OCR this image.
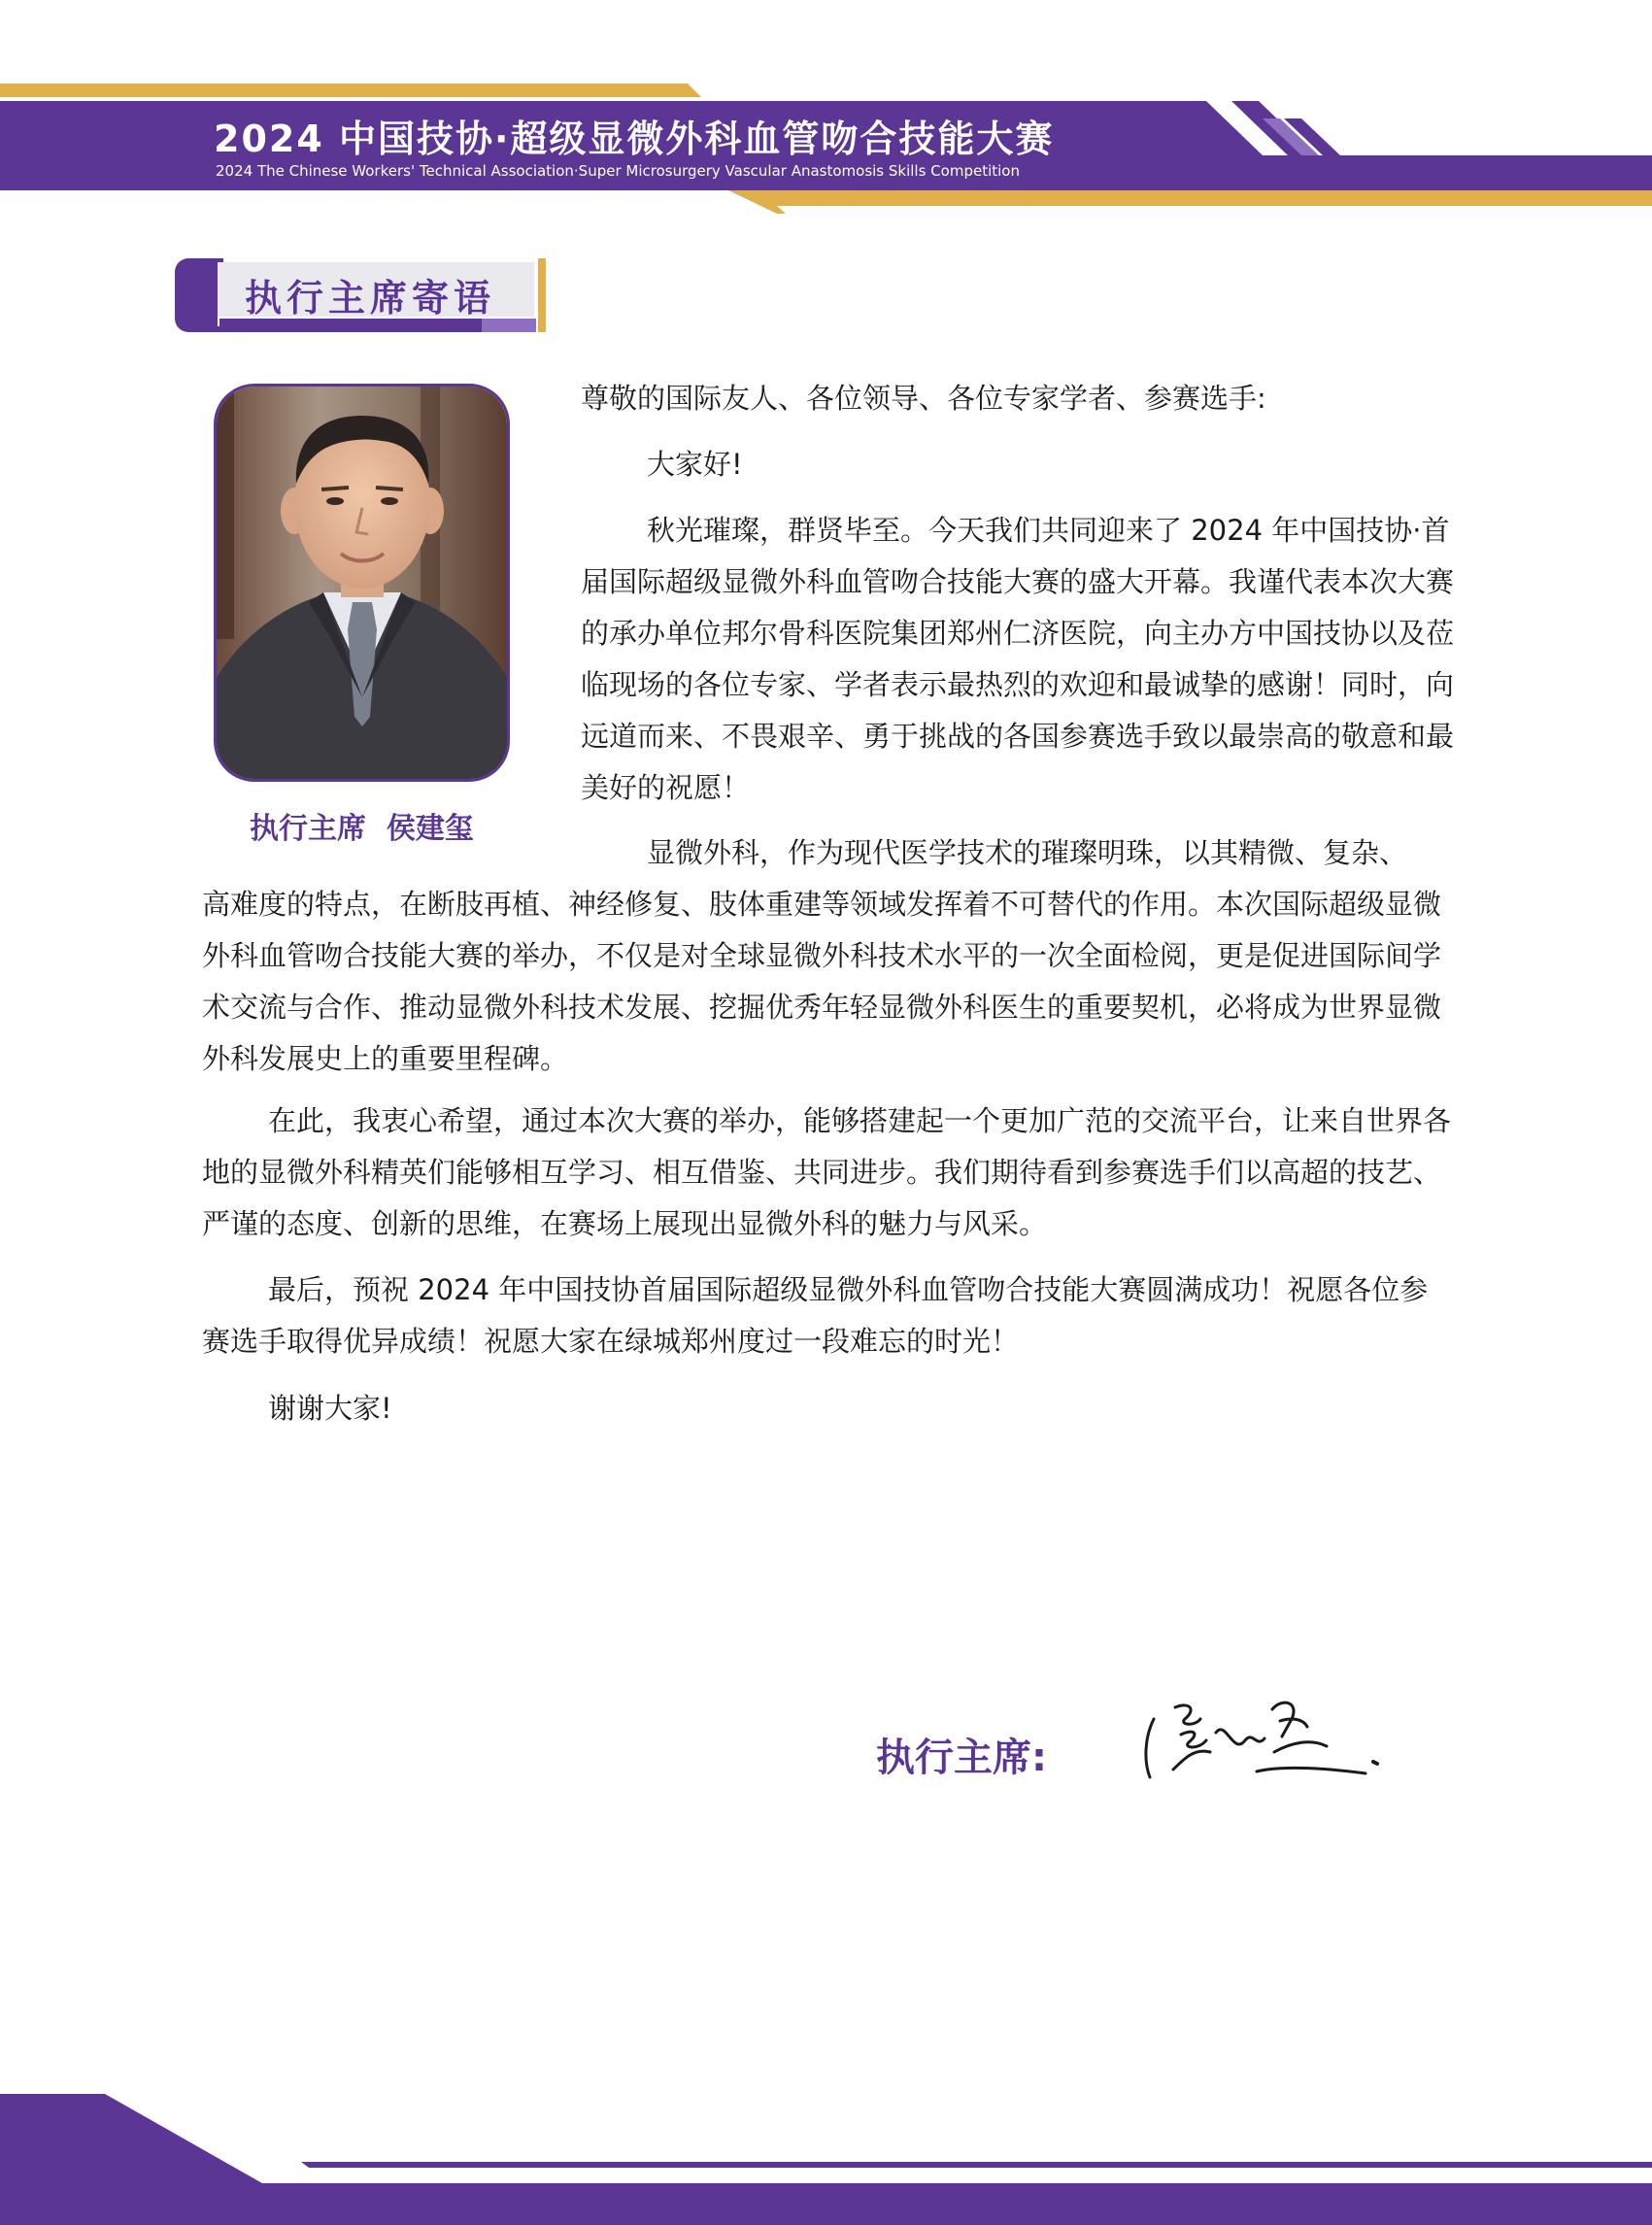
2024 中国技协·超级显微外科血管吻合技能大赛
2024 The Chinese Workers' Technical Association·Super Microsurgery Vascular Anastomosis Skills Competition
执行主席寄语
执行主席  侯建玺

尊敬的国际友人、各位领导、各位专家学者、参赛选手:

大家好!

秋光璀璨，群贤毕至。今天我们共同迎来了 2024 年中国技协·首届国际超级显微外科血管吻合技能大赛的盛大开幕。我谨代表本次大赛的承办单位邦尔骨科医院集团郑州仁济医院，向主办方中国技协以及莅临现场的各位专家、学者表示最热烈的欢迎和最诚挚的感谢！同时，向远道而来、不畏艰辛、勇于挑战的各国参赛选手致以最崇高的敬意和最美好的祝愿！

显微外科，作为现代医学技术的璀璨明珠，以其精微、复杂、
高难度的特点，在断肢再植、神经修复、肢体重建等领域发挥着不可替代的作用。本次国际超级显微外科血管吻合技能大赛的举办，不仅是对全球显微外科技术水平的一次全面检阅，更是促进国际间学术交流与合作、推动显微外科技术发展、挖掘优秀年轻显微外科医生的重要契机，必将成为世界显微外科发展史上的重要里程碑。

在此，我衷心希望，通过本次大赛的举办，能够搭建起一个更加广范的交流平台，让来自世界各地的显微外科精英们能够相互学习、相互借鉴、共同进步。我们期待看到参赛选手们以高超的技艺、严谨的态度、创新的思维，在赛场上展现出显微外科的魅力与风采。

最后，预祝 2024 年中国技协首届国际超级显微外科血管吻合技能大赛圆满成功！祝愿各位参赛选手取得优异成绩！祝愿大家在绿城郑州度过一段难忘的时光！

谢谢大家!

执行主席:
